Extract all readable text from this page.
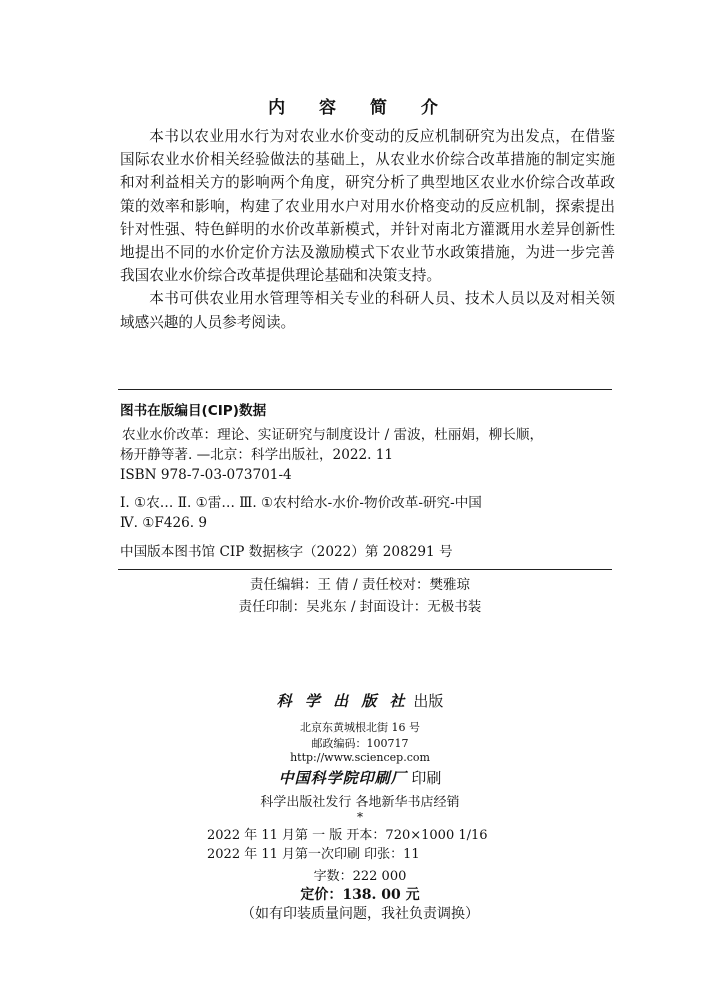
内 容 简 介

本书以农业用水行为对农业水价变动的反应机制研究为出发点，在借鉴国际农业水价相关经验做法的基础上，从农业水价综合改革措施的制定实施和对利益相关方的影响两个角度，研究分析了典型地区农业水价综合改革政策的效率和影响，构建了农业用水户对用水价格变动的反应机制，探索提出针对性强、特色鲜明的水价改革新模式，并针对南北方灌溉用水差异创新性地提出不同的水价定价方法及激励模式下农业节水政策措施，为进一步完善我国农业水价综合改革提供理论基础和决策支持。

本书可供农业用水管理等相关专业的科研人员、技术人员以及对相关领域感兴趣的人员参考阅读。

图书在版编目(CIP)数据
农业水价改革：理论、实证研究与制度设计 / 雷波，杜丽娟，柳长顺，
杨开静等著. —北京：科学出版社，2022. 11
ISBN 978-7-03-073701-4
Ⅰ. ①农… Ⅱ. ①雷… Ⅲ. ①农村给水-水价-物价改革-研究-中国
Ⅳ. ①F426. 9
中国版本图书馆 CIP 数据核字（2022）第 208291 号
责任编辑：王 倩 / 责任校对：樊雅琼
责任印制：吴兆东 / 封面设计：无极书装
科 学 出 版 社 出版
北京东黄城根北街 16 号
邮政编码：100717
http://www.sciencep.com
中国科学院印刷厂 印刷
科学出版社发行 各地新华书店经销
*
2022 年 11 月第 一 版 开本：720×1000 1/16
2022 年 11 月第一次印刷 印张：11
字数：222 000
定价：138. 00 元
（如有印装质量问题，我社负责调换）
